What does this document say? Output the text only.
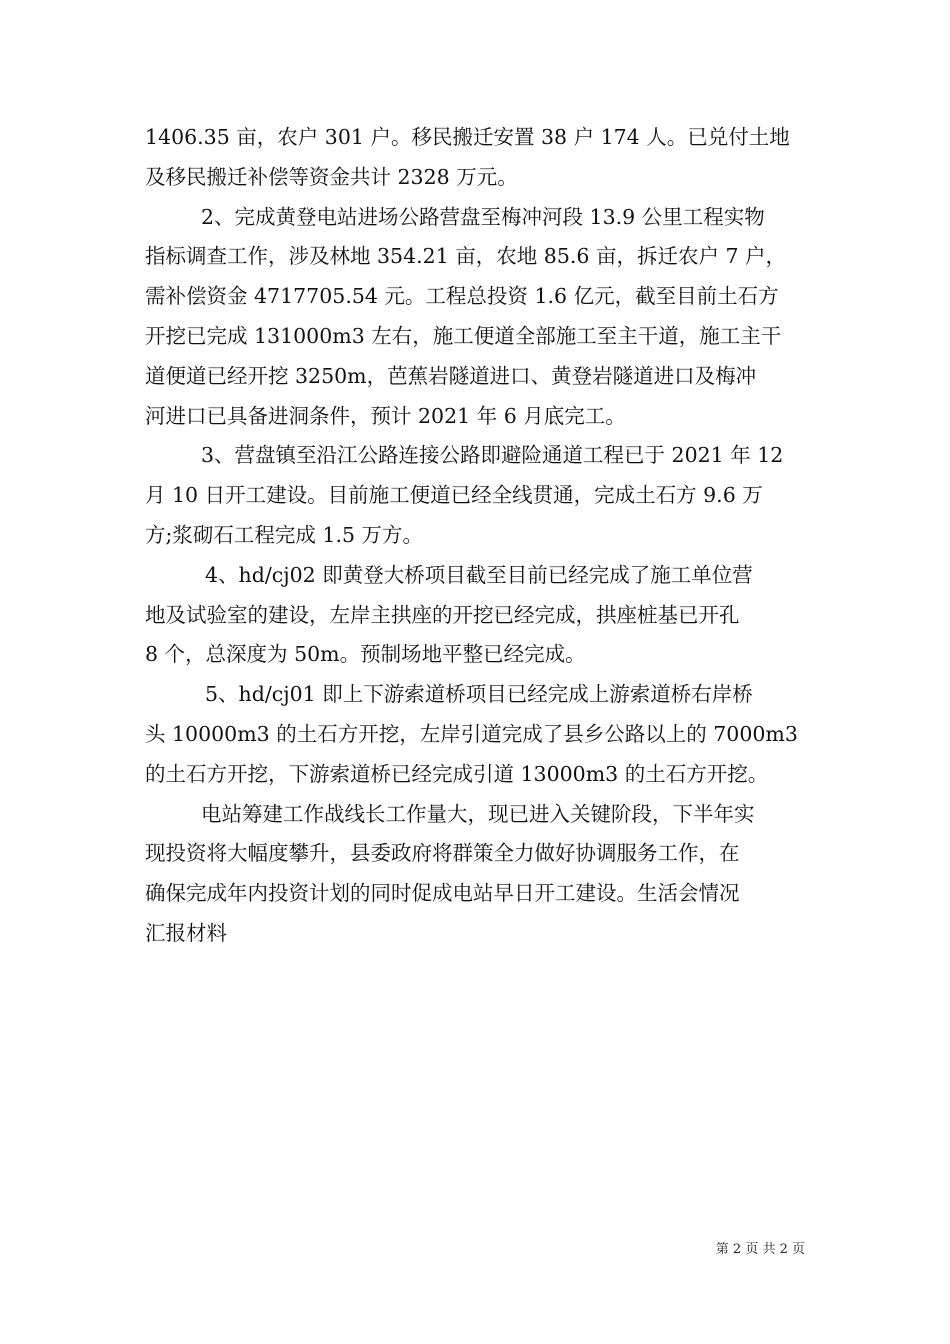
1406.35 亩，农户 301 户。移民搬迁安置 38 户 174 人。已兑付土地
及移民搬迁补偿等资金共计 2328 万元。
2、完成黄登电站进场公路营盘至梅冲河段 13.9 公里工程实物
指标调查工作，涉及林地 354.21 亩，农地 85.6 亩，拆迁农户 7 户，
需补偿资金 4717705.54 元。工程总投资 1.6 亿元，截至目前土石方
开挖已完成 131000m3 左右，施工便道全部施工至主干道，施工主干
道便道已经开挖 3250m，芭蕉岩隧道进口、黄登岩隧道进口及梅冲
河进口已具备进洞条件，预计 2021 年 6 月底完工。
3、营盘镇至沿江公路连接公路即避险通道工程已于 2021 年 12
月 10 日开工建设。目前施工便道已经全线贯通，完成土石方 9.6 万
方;浆砌石工程完成 1.5 万方。
4、hd/cj02 即黄登大桥项目截至目前已经完成了施工单位营
地及试验室的建设，左岸主拱座的开挖已经完成，拱座桩基已开孔
8 个，总深度为 50m。预制场地平整已经完成。
5、hd/cj01 即上下游索道桥项目已经完成上游索道桥右岸桥
头 10000m3 的土石方开挖，左岸引道完成了县乡公路以上的 7000m3
的土石方开挖，下游索道桥已经完成引道 13000m3 的土石方开挖。
电站筹建工作战线长工作量大，现已进入关键阶段，下半年实
现投资将大幅度攀升，县委政府将群策全力做好协调服务工作，在
确保完成年内投资计划的同时促成电站早日开工建设。生活会情况
汇报材料
第 2 页 共 2 页
